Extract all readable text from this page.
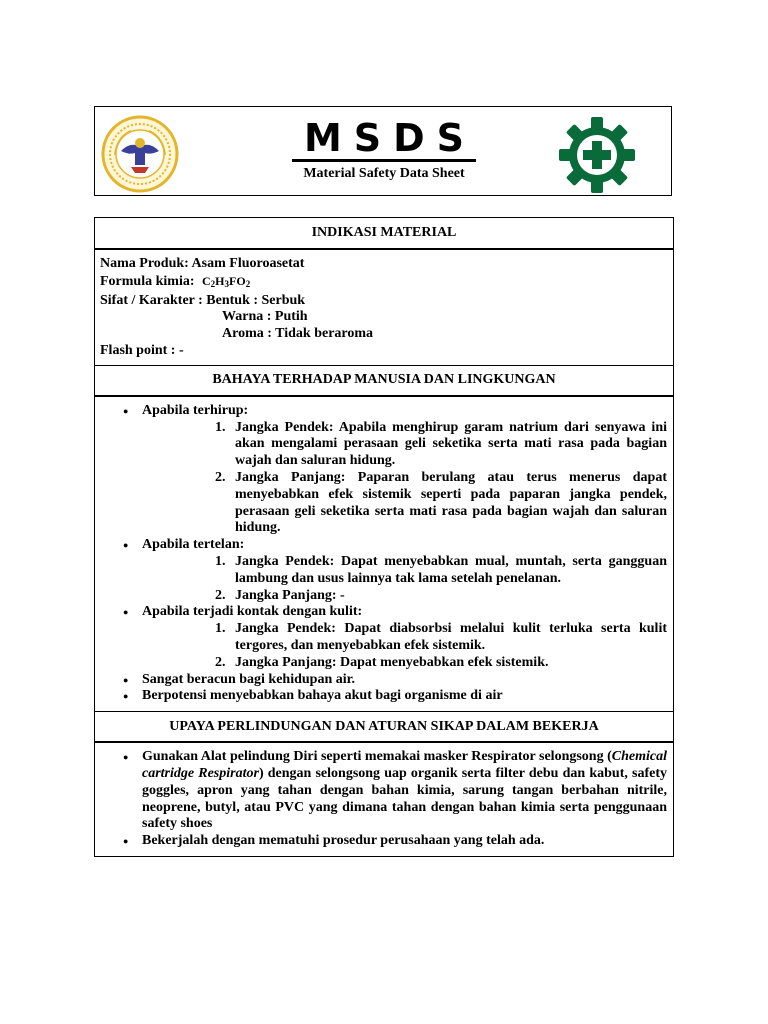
MSDS
Material Safety Data Sheet
INDIKASI MATERIAL
Nama Produk: Asam Fluoroasetat
Formula kimia: $C_2H_3FO_2$
Sifat / Karakter : Bentuk : Serbuk
Warna : Putih
Aroma : Tidak beraroma
Flash point : -
BAHAYA TERHADAP MANUSIA DAN LINGKUNGAN
● Apabila terhirup:
1. Jangka Pendek: Apabila menghirup garam natrium dari senyawa ini akan mengalami perasaan geli seketika serta mati rasa pada bagian wajah dan saluran hidung.
2. Jangka Panjang: Paparan berulang atau terus menerus dapat menyebabkan efek sistemik seperti pada paparan jangka pendek, perasaan geli seketika serta mati rasa pada bagian wajah dan saluran hidung.
● Apabila tertelan:
1. Jangka Pendek: Dapat menyebabkan mual, muntah, serta gangguan lambung dan usus lainnya tak lama setelah penelanan.
2. Jangka Panjang: -
● Apabila terjadi kontak dengan kulit:
1. Jangka Pendek: Dapat diabsorbsi melalui kulit terluka serta kulit tergores, dan menyebabkan efek sistemik.
2. Jangka Panjang: Dapat menyebabkan efek sistemik.
● Sangat beracun bagi kehidupan air.
● Berpotensi menyebabkan bahaya akut bagi organisme di air
UPAYA PERLINDUNGAN DAN ATURAN SIKAP DALAM BEKERJA
● Gunakan Alat pelindung Diri seperti memakai masker Respirator selongsong (Chemical cartridge Respirator) dengan selongsong uap organik serta filter debu dan kabut, safety goggles, apron yang tahan dengan bahan kimia, sarung tangan berbahan nitrile, neoprene, butyl, atau PVC yang dimana tahan dengan bahan kimia serta penggunaan safety shoes
● Bekerjalah dengan mematuhi prosedur perusahaan yang telah ada.
